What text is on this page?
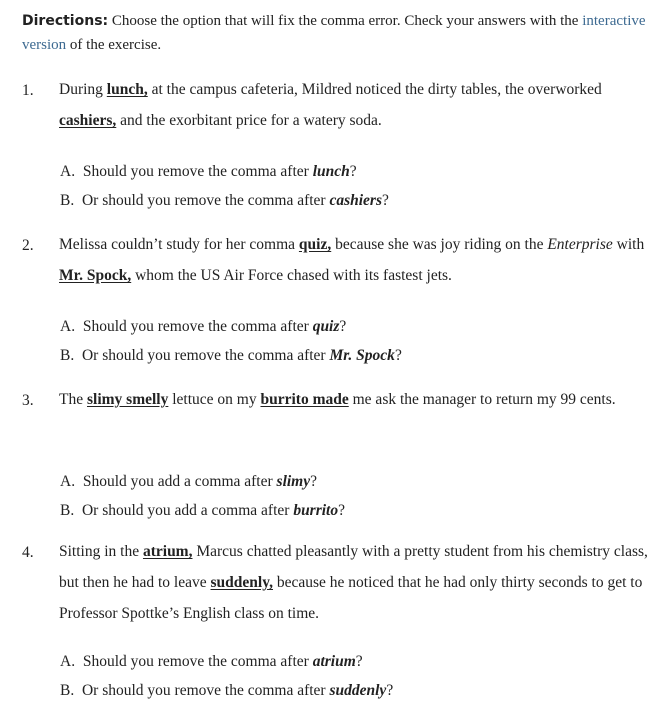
Directions: Choose the option that will fix the comma error. Check your answers with the interactive version of the exercise.
1. During lunch, at the campus cafeteria, Mildred noticed the dirty tables, the overworked cashiers, and the exorbitant price for a watery soda.
A. Should you remove the comma after lunch?
B. Or should you remove the comma after cashiers?
2. Melissa couldn’t study for her comma quiz, because she was joy riding on the Enterprise with Mr. Spock, whom the US Air Force chased with its fastest jets.
A. Should you remove the comma after quiz?
B. Or should you remove the comma after Mr. Spock?
3. The slimy smelly lettuce on my burrito made me ask the manager to return my 99 cents.
A. Should you add a comma after slimy?
B. Or should you add a comma after burrito?
4. Sitting in the atrium, Marcus chatted pleasantly with a pretty student from his chemistry class, but then he had to leave suddenly, because he noticed that he had only thirty seconds to get to Professor Spottke’s English class on time.
A. Should you remove the comma after atrium?
B. Or should you remove the comma after suddenly?
